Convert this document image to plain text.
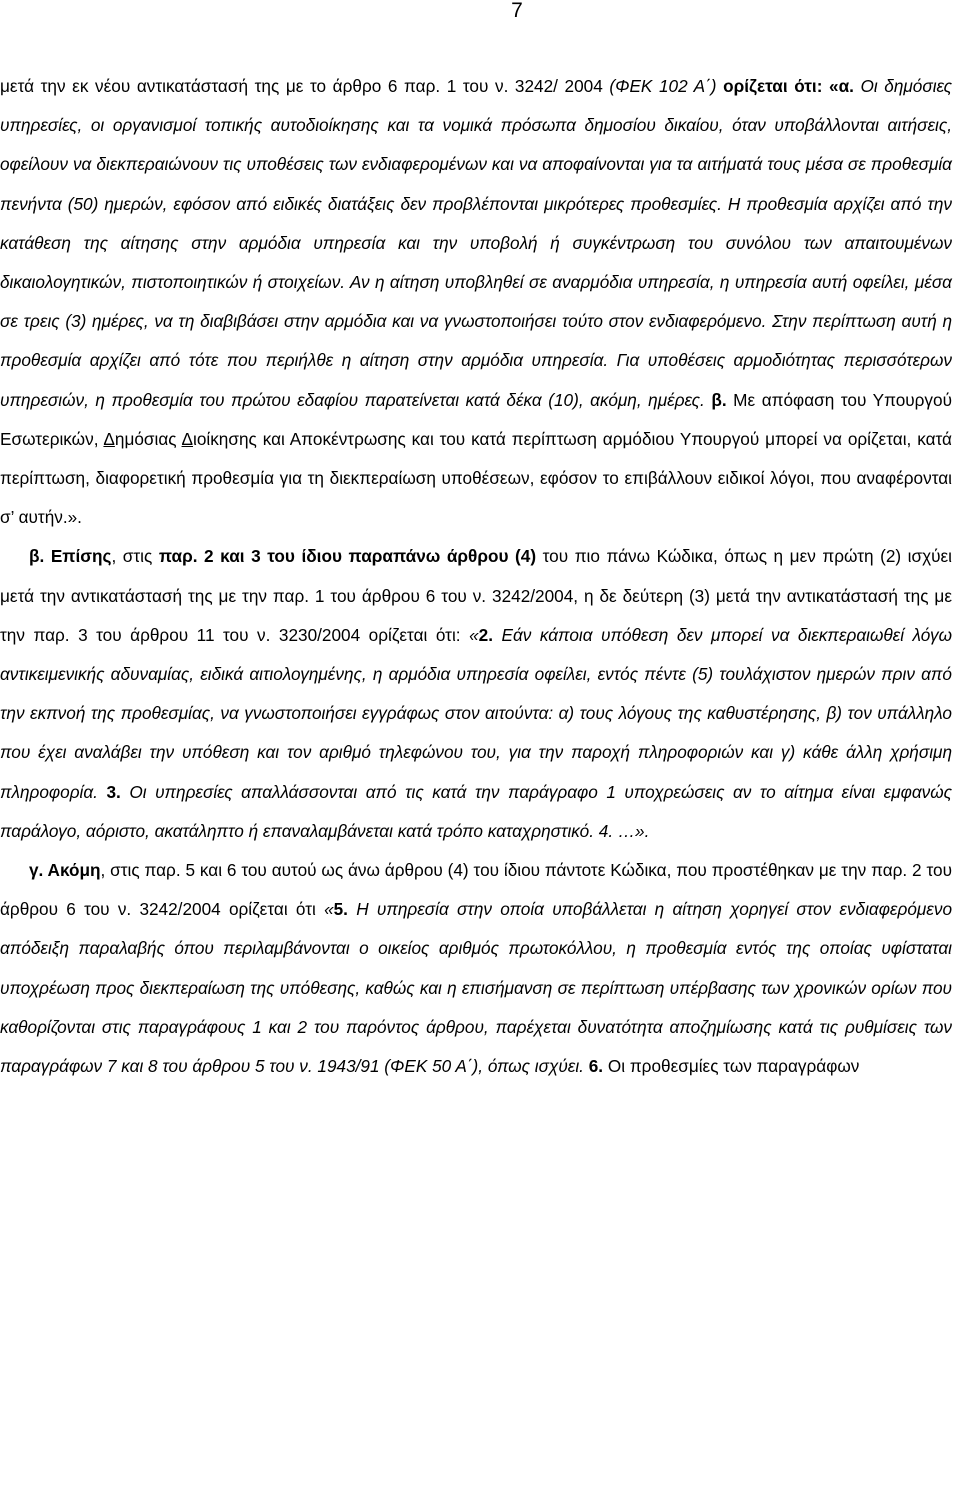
7

μετά την εκ νέου αντικατάστασή της με το άρθρο 6 παρ. 1 του ν. 3242/ 2004 (ΦΕΚ 102 Α΄) ορίζεται ότι: «α. Οι δημόσιες υπηρεσίες, οι οργανισμοί τοπικής αυτοδιοίκησης και τα νομικά πρόσωπα δημοσίου δικαίου, όταν υποβάλλονται αιτήσεις, οφείλουν να διεκπεραιώνουν τις υποθέσεις των ενδιαφερομένων και να αποφαίνονται για τα αιτήματά τους μέσα σε προθεσμία πενήντα (50) ημερών, εφόσον από ειδικές διατάξεις δεν προβλέπονται μικρότερες προθεσμίες. Η προθεσμία αρχίζει από την κατάθεση της αίτησης στην αρμόδια υπηρεσία και την υποβολή ή συγκέντρωση του συνόλου των απαιτουμένων δικαιολογητικών, πιστοποιητικών ή στοιχείων. Αν η αίτηση υποβληθεί σε αναρμόδια υπηρεσία, η υπηρεσία αυτή οφείλει, μέσα σε τρεις (3) ημέρες, να τη διαβιβάσει στην αρμόδια και να γνωστοποιήσει τούτο στον ενδιαφερόμενο. Στην περίπτωση αυτή η προθεσμία αρχίζει από τότε που περιήλθε η αίτηση στην αρμόδια υπηρεσία. Για υποθέσεις αρμοδιότητας περισσότερων υπηρεσιών, η προθεσμία του πρώτου εδαφίου παρατείνεται κατά δέκα (10), ακόμη, ημέρες. β. Με απόφαση του Υπουργού Εσωτερικών, Δημόσιας Διοίκησης και Αποκέντρωσης και του κατά περίπτωση αρμόδιου Υπουργού μπορεί να ορίζεται, κατά περίπτωση, διαφορετική προθεσμία για τη διεκπεραίωση υποθέσεων, εφόσον το επιβάλλουν ειδικοί λόγοι, που αναφέρονται σ’ αυτήν.».

β. Επίσης, στις παρ. 2 και 3 του ίδιου παραπάνω άρθρου (4) του πιο πάνω Κώδικα, όπως η μεν πρώτη (2) ισχύει μετά την αντικατάστασή της με την παρ. 1 του άρθρου 6 του ν. 3242/2004, η δε δεύτερη (3) μετά την αντικατάστασή της με την παρ. 3 του άρθρου 11 του ν. 3230/2004 ορίζεται ότι: «2. Εάν κάποια υπόθεση δεν μπορεί να διεκπεραιωθεί λόγω αντικειμενικής αδυναμίας, ειδικά αιτιολογημένης, η αρμόδια υπηρεσία οφείλει, εντός πέντε (5) τουλάχιστον ημερών πριν από την εκπνοή της προθεσμίας, να γνωστοποιήσει εγγράφως στον αιτούντα: α) τους λόγους της καθυστέρησης, β) τον υπάλληλο που έχει αναλάβει την υπόθεση και τον αριθμό τηλεφώνου του, για την παροχή πληροφοριών και γ) κάθε άλλη χρήσιμη πληροφορία. 3. Οι υπηρεσίες απαλλάσσονται από τις κατά την παράγραφο 1 υποχρεώσεις αν το αίτημα είναι εμφανώς παράλογο, αόριστο, ακατάληπτο ή επαναλαμβάνεται κατά τρόπο καταχρηστικό. 4. …».

γ. Ακόμη, στις παρ. 5 και 6 του αυτού ως άνω άρθρου (4) του ίδιου πάντοτε Κώδικα, που προστέθηκαν με την παρ. 2 του άρθρου 6 του ν. 3242/2004 ορίζεται ότι «5. Η υπηρεσία στην οποία υποβάλλεται η αίτηση χορηγεί στον ενδιαφερόμενο απόδειξη παραλαβής όπου περιλαμβάνονται ο οικείος αριθμός πρωτοκόλλου, η προθεσμία εντός της οποίας υφίσταται υποχρέωση προς διεκπεραίωση της υπόθεσης, καθώς και η επισήμανση σε περίπτωση υπέρβασης των χρονικών ορίων που καθορίζονται στις παραγράφους 1 και 2 του παρόντος άρθρου, παρέχεται δυνατότητα αποζημίωσης κατά τις ρυθμίσεις των παραγράφων 7 και 8 του άρθρου 5 του ν. 1943/91 (ΦΕΚ 50 Α΄), όπως ισχύει. 6. Οι προθεσμίες των παραγράφων
